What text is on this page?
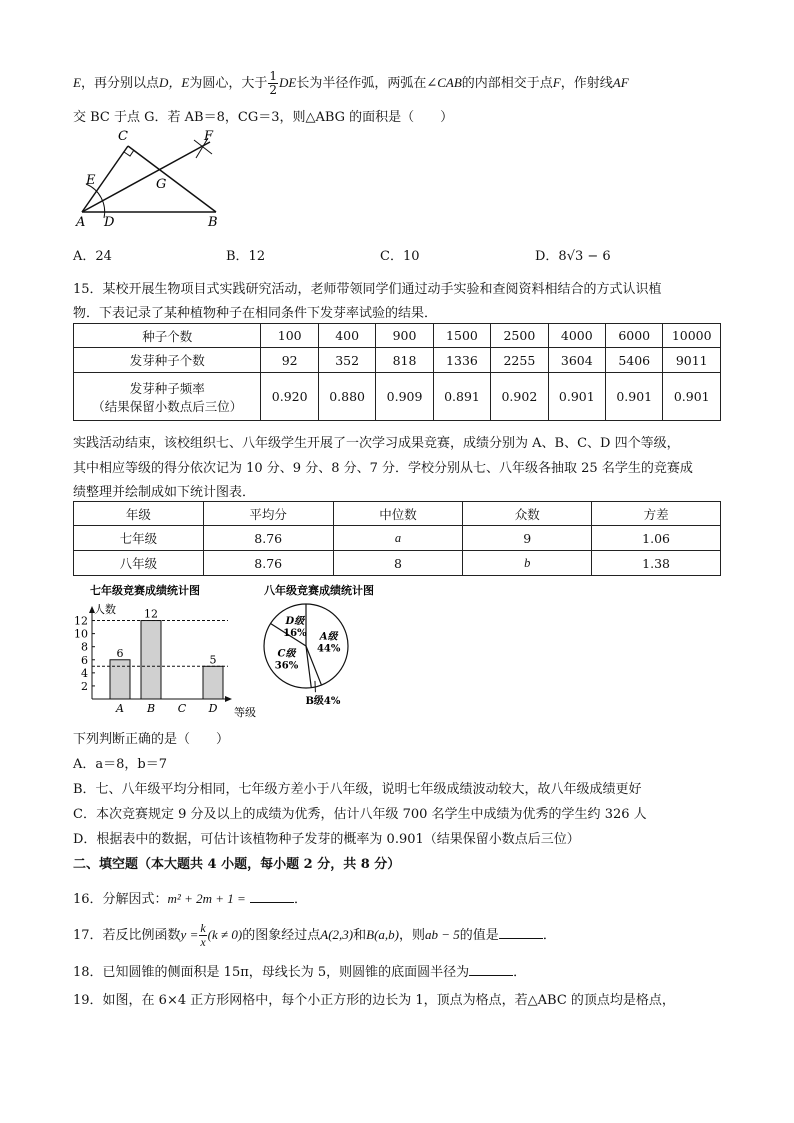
E，再分别以点D，E为圆心，大于 $\frac{1}{2}$ DE长为半径作弧，两弧在∠CAB的内部相交于点F，作射线AF
交 BC 于点 G．若 AB＝8，CG＝3，则△ABG 的面积是（　　）
C	F
E	G
A D	B
A．24	B．12	C．10	D．8√3 − 6
15．某校开展生物项目式实践研究活动，老师带领同学们通过动手实验和查阅资料相结合的方式认识植
物．下表记录了某种植物种子在相同条件下发芽率试验的结果．
种子个数	100	400	900	1500	2500	4000	6000	10000
发芽种子个数	92	352	818	1336	2255	3604	5406	9011

发芽种子频率
（结果保留小数点后三位）	0.920	0.880	0.909	0.891	0.902	0.901	0.901	0.901
实践活动结束，该校组织七、八年级学生开展了一次学习成果竞赛，成绩分别为 A、B、C、D 四个等级，
其中相应等级的得分依次记为 10 分、9 分、8 分、7 分．学校分别从七、八年级各抽取 25 名学生的竞赛成
绩整理并绘制成如下统计图表．
年级	平均分	中位数	众数	方差
七年级	8.76	a	9	1.06
八年级	8.76	8	b	1.38
七年级竞赛成绩统计图
人数
等级
2
4
6
8
10
12
A
6
B
12
C D
5
八年级竞赛成绩统计图
A级
44%
B级4%
C级
36%
D级
16%
下列判断正确的是（　　）
A．a＝8，b＝7
B．七、八年级平均分相同，七年级方差小于八年级，说明七年级成绩波动较大，故八年级成绩更好
C．本次竞赛规定 9 分及以上的成绩为优秀，估计八年级 700 名学生中成绩为优秀的学生约 326 人
D．根据表中的数据，可估计该植物种子发芽的概率为 0.901（结果保留小数点后三位）
二、填空题（本大题共 4 小题，每小题 2 分，共 8 分）
16．分解因式：m² + 2m + 1 =	．
17．若反比例函数$y = \frac{k}{x} (k \ne 0)$的图象经过点A(2,3)和B(a,b)，则ab − 5的值是	．
18．已知圆锥的侧面积是 15π，母线长为 5，则圆锥的底面圆半径为	．
19．如图，在 6×4 正方形网格中，每个小正方形的边长为 1，顶点为格点，若△ABC 的顶点均是格点，
